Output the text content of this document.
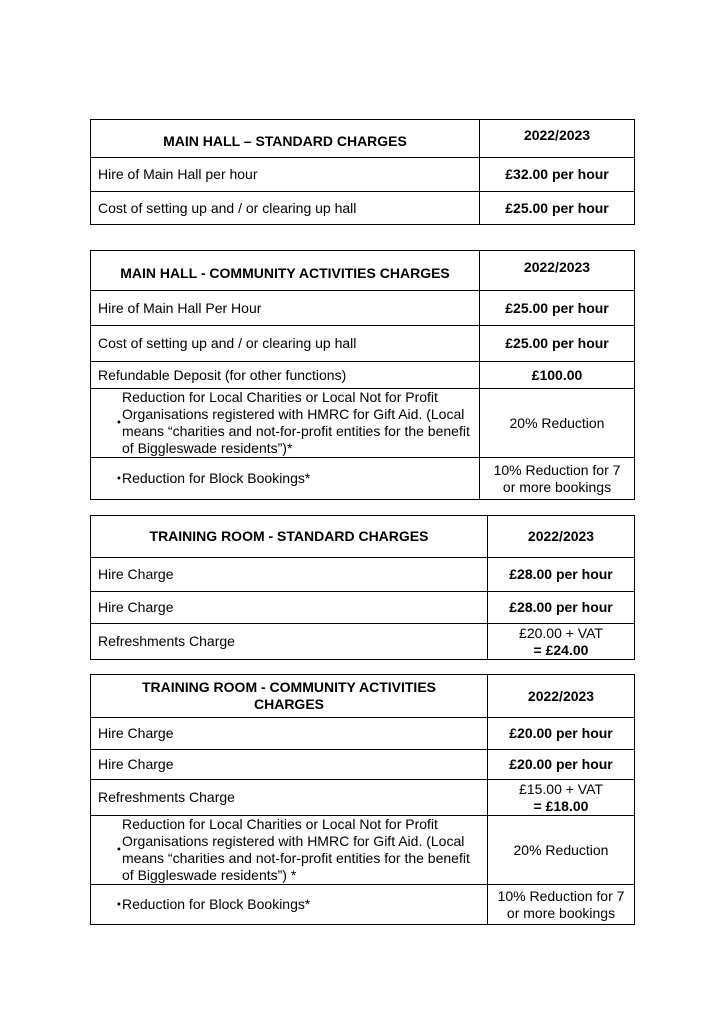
MAIN HALL – STANDARD CHARGES	2022/2023
Hire of Main Hall per hour	£32.00 per hour
Cost of setting up and / or clearing up hall	£25.00 per hour
MAIN HALL - COMMUNITY ACTIVITIES CHARGES	2022/2023
Hire of Main Hall Per Hour	£25.00 per hour
Cost of setting up and / or clearing up hall	£25.00 per hour
Refundable Deposit (for other functions)	£100.00

•
Reduction for Local Charities or Local Not for Profit Organisations registered with HMRC for Gift Aid. (Local means “charities and not-for-profit entities for the benefit of Biggleswade residents”)*	20% Reduction

• Reduction for Block Bookings*	10% Reduction for 7 or more bookings
TRAINING ROOM - STANDARD CHARGES	2022/2023
Hire Charge	£28.00 per hour
Hire Charge	£28.00 per hour
Refreshments Charge	£20.00 + VAT
= £24.00
TRAINING ROOM - COMMUNITY ACTIVITIES CHARGES	2022/2023
Hire Charge	£20.00 per hour
Hire Charge	£20.00 per hour
Refreshments Charge	£15.00 + VAT
= £18.00

•
Reduction for Local Charities or Local Not for Profit Organisations registered with HMRC for Gift Aid. (Local means “charities and not-for-profit entities for the benefit of Biggleswade residents”) *	20% Reduction

• Reduction for Block Bookings*	10% Reduction for 7 or more bookings
